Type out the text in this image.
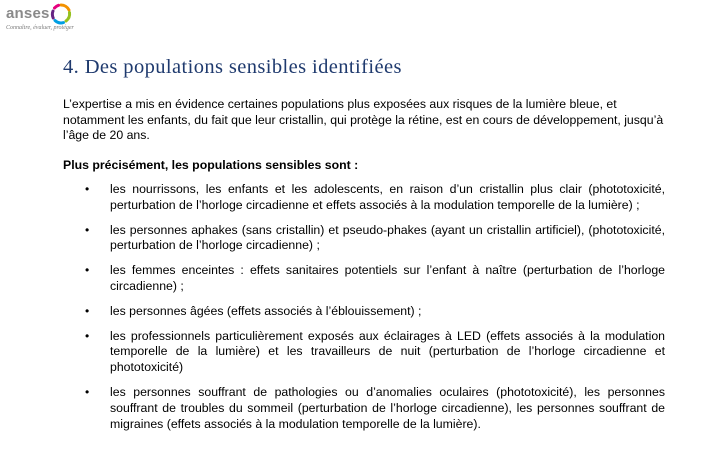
anses
Connaître, évaluer, protéger
4. Des populations sensibles identifiées

L’expertise a mis en évidence certaines populations plus exposées aux risques de la lumière bleue, et notamment les enfants, du fait que leur cristallin, qui protège la rétine, est en cours de développement, jusqu’à l’âge de 20 ans.

Plus précisément, les populations sensibles sont :
• les nourrissons, les enfants et les adolescents, en raison d’un cristallin plus clair (phototoxicité, perturbation de l’horloge circadienne et effets associés à la modulation temporelle de la lumière) ;
• les personnes aphakes (sans cristallin) et pseudo-phakes (ayant un cristallin artificiel), (phototoxicité, perturbation de l’horloge circadienne) ;
• les femmes enceintes : effets sanitaires potentiels sur l’enfant à naître (perturbation de l’horloge circadienne) ;
• les personnes âgées (effets associés à l’éblouissement) ;
• les professionnels particulièrement exposés aux éclairages à LED (effets associés à la modulation temporelle de la lumière) et les travailleurs de nuit (perturbation de l’horloge circadienne et phototoxicité)
• les personnes souffrant de pathologies ou d’anomalies oculaires (phototoxicité), les personnes souffrant de troubles du sommeil (perturbation de l’horloge circadienne), les personnes souffrant de migraines (effets associés à la modulation temporelle de la lumière).
